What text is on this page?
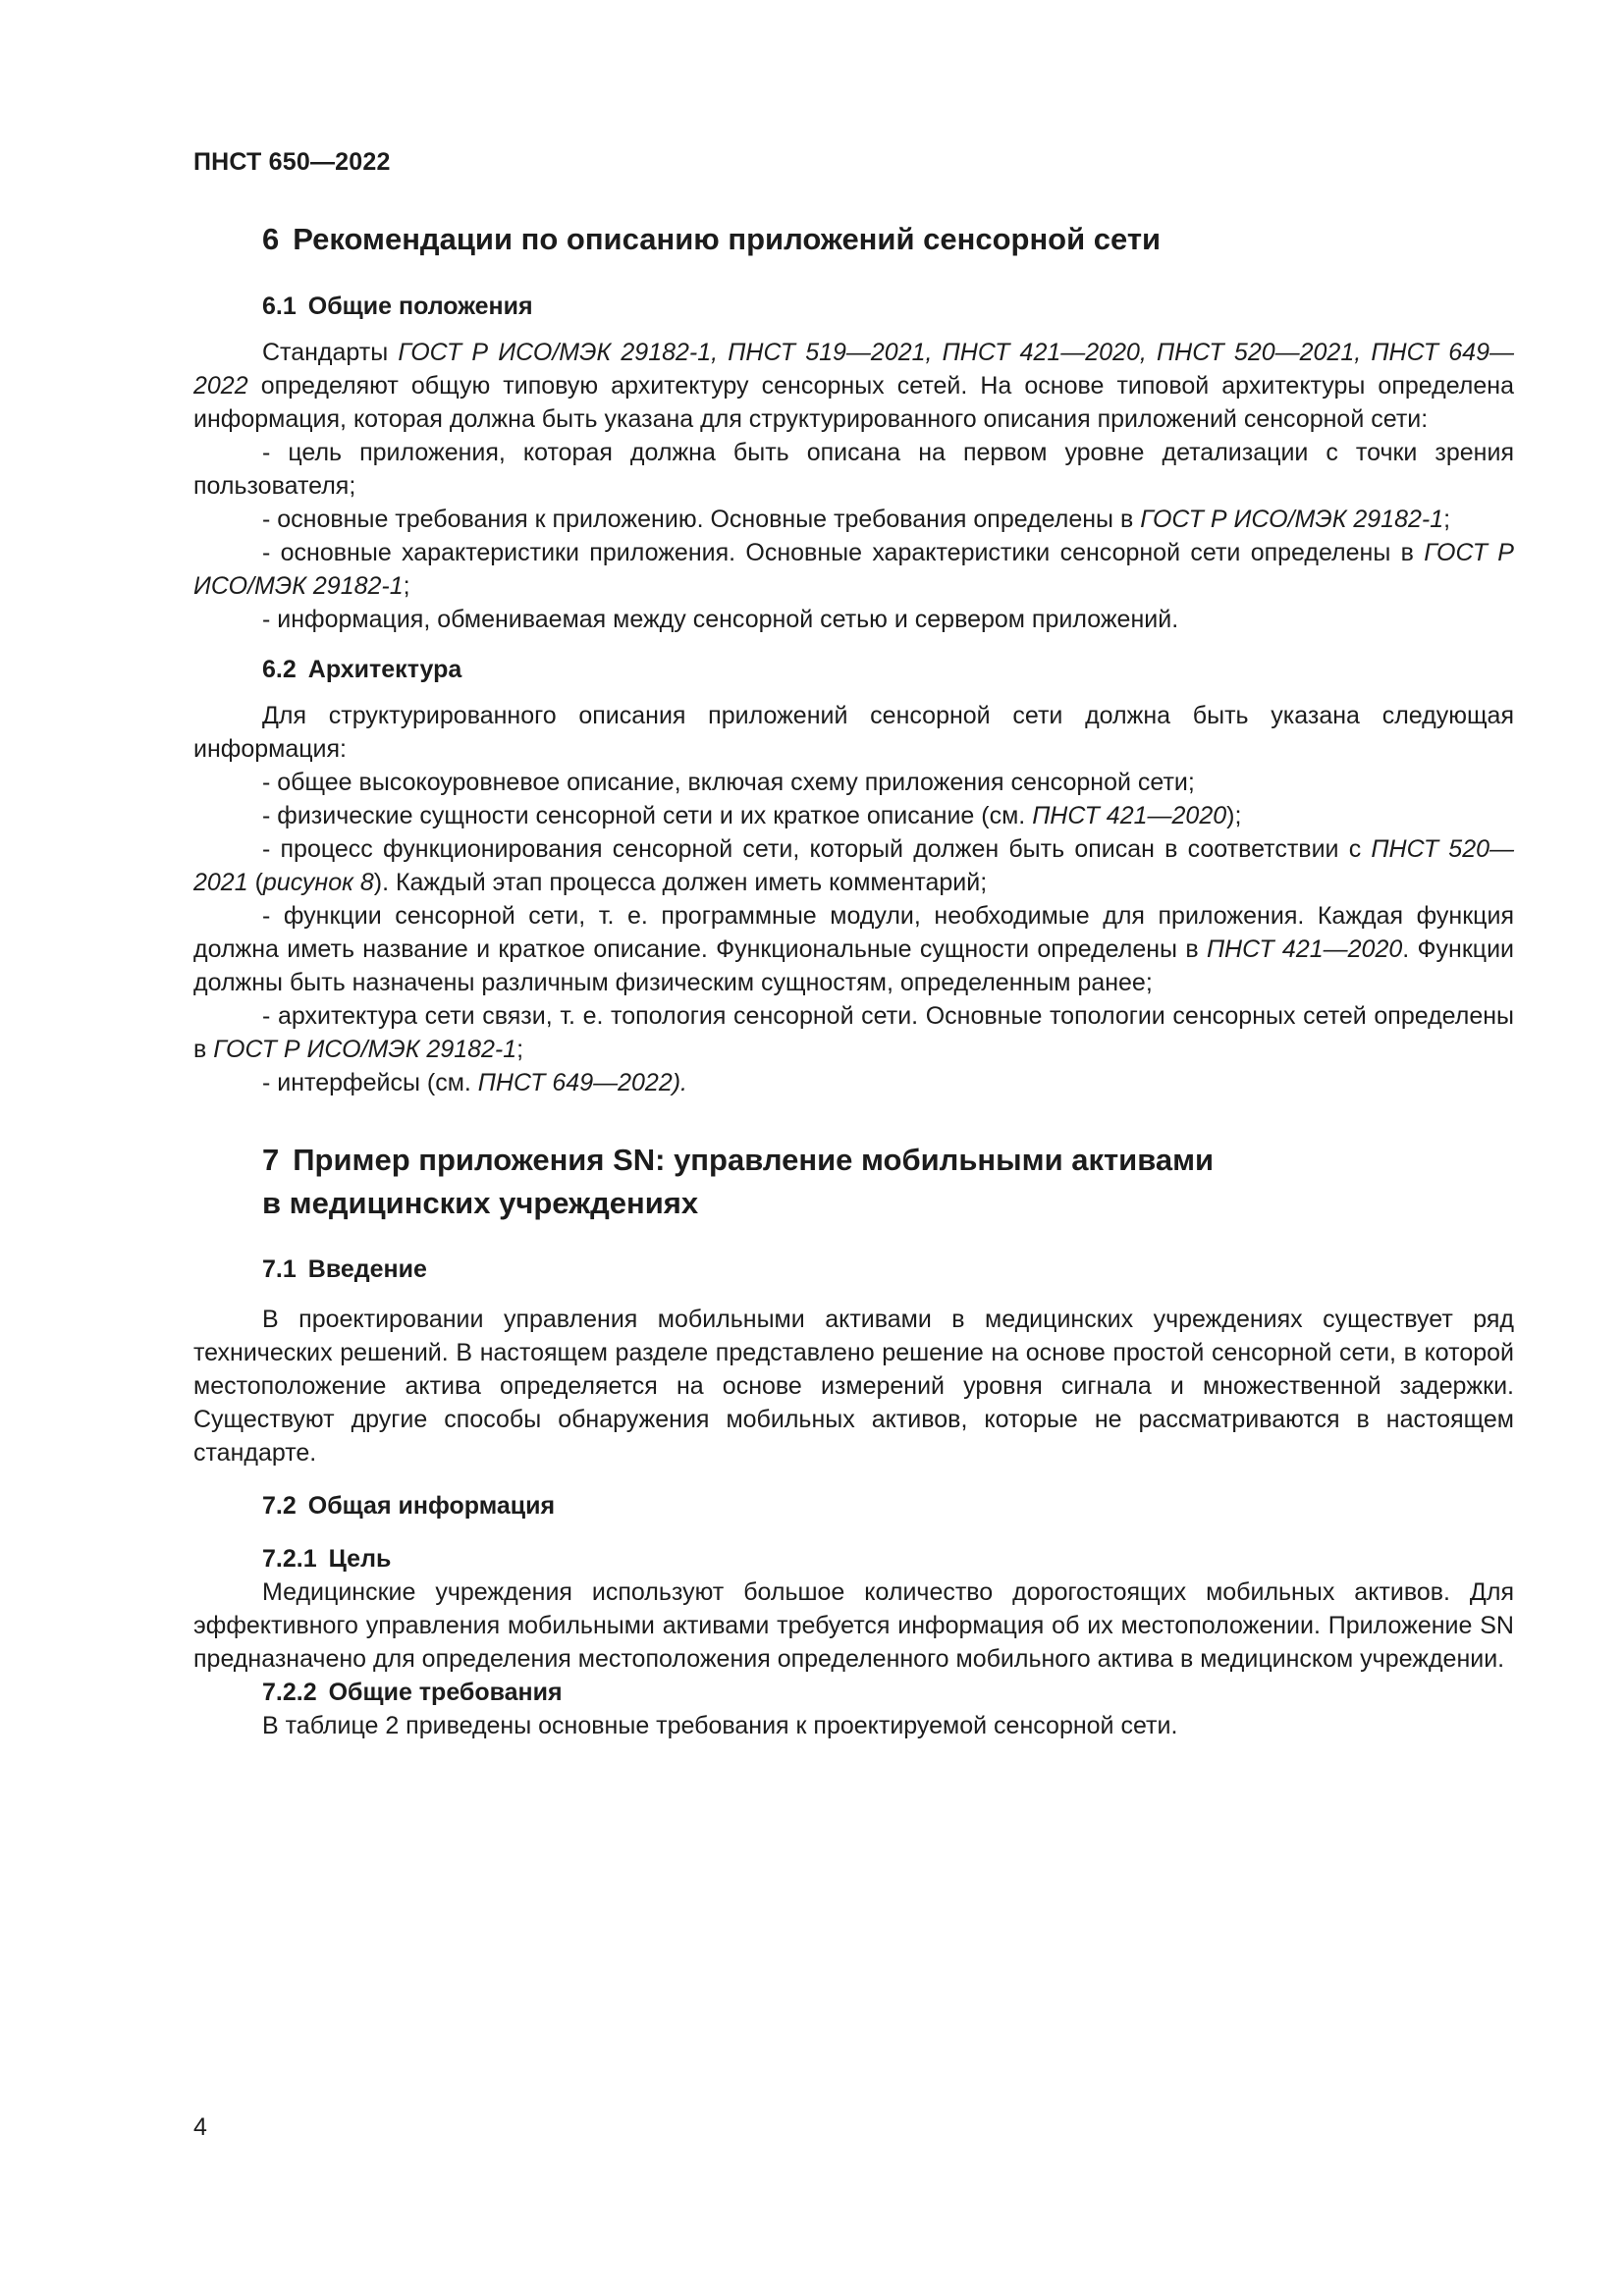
ПНСТ 650—2022
6 Рекомендации по описанию приложений сенсорной сети
6.1 Общие положения

Стандарты ГОСТ Р ИСО/МЭК 29182-1, ПНСТ 519—2021, ПНСТ 421—2020, ПНСТ 520—2021, ПНСТ 649—2022 определяют общую типовую архитектуру сенсорных сетей. На основе типовой архитектуры определена информация, которая должна быть указана для структурированного описания приложений сенсорной сети:

- цель приложения, которая должна быть описана на первом уровне детализации с точки зрения пользователя;

- основные требования к приложению. Основные требования определены в ГОСТ Р ИСО/МЭК 29182-1;

- основные характеристики приложения. Основные характеристики сенсорной сети определены в ГОСТ Р ИСО/МЭК 29182-1;

- информация, обмениваемая между сенсорной сетью и сервером приложений.

6.2 Архитектура

Для структурированного описания приложений сенсорной сети должна быть указана следующая информация:

- общее высокоуровневое описание, включая схему приложения сенсорной сети;

- физические сущности сенсорной сети и их краткое описание (см. ПНСТ 421—2020);

- процесс функционирования сенсорной сети, который должен быть описан в соответствии с ПНСТ 520—2021 (рисунок 8). Каждый этап процесса должен иметь комментарий;

- функции сенсорной сети, т. е. программные модули, необходимые для приложения. Каждая функция должна иметь название и краткое описание. Функциональные сущности определены в ПНСТ 421—2020. Функции должны быть назначены различным физическим сущностям, определенным ранее;

- архитектура сети связи, т. е. топология сенсорной сети. Основные топологии сенсорных сетей определены в ГОСТ Р ИСО/МЭК 29182-1;

- интерфейсы (см. ПНСТ 649—2022).

7 Пример приложения SN: управление мобильными активами
в медицинских учреждениях
7.1 Введение

В проектировании управления мобильными активами в медицинских учреждениях существует ряд технических решений. В настоящем разделе представлено решение на основе простой сенсорной сети, в которой местоположение актива определяется на основе измерений уровня сигнала и множественной задержки. Существуют другие способы обнаружения мобильных активов, которые не рассматриваются в настоящем стандарте.

7.2 Общая информация
7.2.1 Цель

Медицинские учреждения используют большое количество дорогостоящих мобильных активов. Для эффективного управления мобильными активами требуется информация об их местоположении. Приложение SN предназначено для определения местоположения определенного мобильного актива в медицинском учреждении.

7.2.2 Общие требования

В таблице 2 приведены основные требования к проектируемой сенсорной сети.

4
